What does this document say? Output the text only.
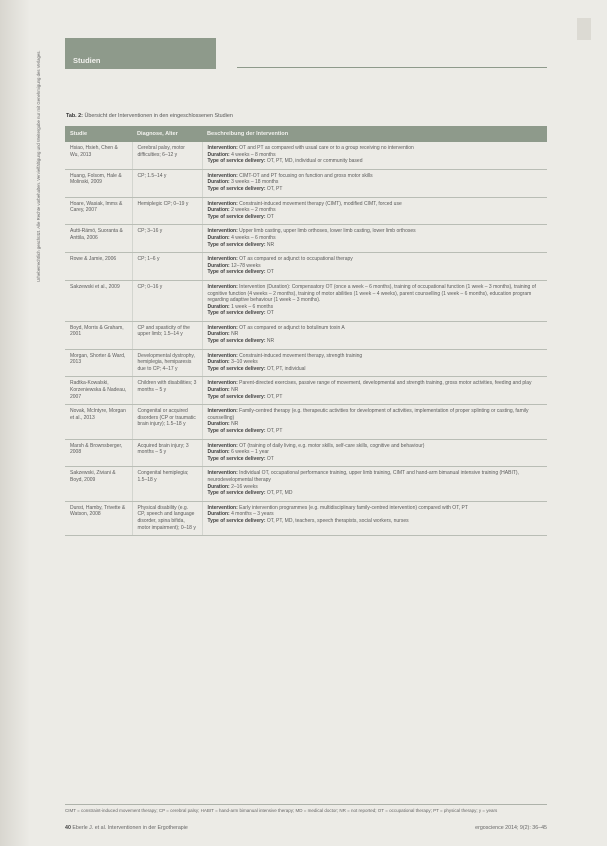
Studien
Urheberrechtlich geschützt. Alle Rechte vorbehalten. Vervielfältigung und Weitergabe nur mit Genehmigung des Verlages.	Tab. 2: Übersicht der Interventionen in den eingeschlossenen Studien
Studie	Diagnose, Alter	Beschreibung der Intervention
Hsiao, Hsieh, Chen & Wu, 2013	Cerebral palsy, motor difficulties; 6–12 y	Intervention: OT and PT as compared with usual care or to a group receiving no intervention
Duration: 4 weeks – 8 months
Type of service delivery: OT, PT, MD, individual or community based

Huang, Folsom, Hale & Molinski, 2009	CP; 1.5–14 y	Intervention: CIMT-OT and PT focusing on function and gross motor skills
Duration: 3 weeks – 18 months
Type of service delivery: OT, PT

Hoare, Wasiak, Imms & Carey, 2007	Hemiplegic CP; 0–19 y	Intervention: Constraint-induced movement therapy (CIMT), modified CIMT, forced use
Duration: 2 weeks – 2 months
Type of service delivery: OT

Autti-Rämö, Suoranta & Anttila, 2006	CP; 3–16 y	Intervention: Upper limb casting, upper limb orthoses, lower limb casting, lower limb orthoses
Duration: 4 weeks – 6 months
Type of service delivery: NR

Rowe & Jamie, 2006	CP; 1–6 y	Intervention: OT as compared or adjunct to occupational therapy
Duration: 12–78 weeks
Type of service delivery: OT

Sakzewski et al., 2009	CP; 0–16 y	Intervention: Intervention (Duration): Compensatory OT (once a week – 6 months), training of occupational function (1 week – 3 months), training of cognitive function (4 weeks – 2 months), training of motor abilities (1 week – 4 weeks), parent counselling (1 week – 6 months), education program regarding adaptive behaviour (1 week – 3 months).
Duration: 1 week – 6 months
Type of service delivery: OT

Boyd, Morris & Graham, 2001	CP and spasticity of the upper limb; 1.5–14 y	Intervention: OT as compared or adjunct to botulinum toxin A
Duration: NR
Type of service delivery: NR

Morgan, Shorter & Ward, 2013	Developmental dystrophy, hemiplegia, hemiparesis due to CP; 4–17 y	Intervention: Constraint-induced movement therapy, strength training
Duration: 3–10 weeks
Type of service delivery: OT, PT, individual

Radtka-Kowalski, Korzeniewska & Nadeau, 2007	Children with disabilities; 3 months – 5 y	Intervention: Parent-directed exercises, passive range of movement, developmental and strength training, gross motor activities, feeding and play
Duration: NR
Type of service delivery: OT, PT

Novak, McIntyre, Morgan et al., 2013	Congenital or acquired disorders (CP or traumatic brain injury); 1.5–18 y	Intervention: Family-centred therapy (e.g. therapeutic activities for development of activities, implementation of proper splinting or casting, family counselling)
Duration: NR
Type of service delivery: OT, PT

Marsh & Brownsberger, 2008	Acquired brain injury; 3 months – 5 y	Intervention: OT (training of daily living, e.g. motor skills, self-care skills, cognitive and behaviour)
Duration: 6 weeks – 1 year
Type of service delivery: OT

Sakzewski, Ziviani & Boyd, 2009	Congenital hemiplegia; 1.5–18 y	Intervention: Individual OT, occupational performance training, upper limb training, CIMT and hand-arm bimanual intensive training (HABIT), neurodevelopmental therapy
Duration: 2–16 weeks
Type of service delivery: OT, PT, MD

Dunst, Hamby, Trivette & Watson, 2008	Physical disability (e.g. CP, speech and language disorder, spina bifida, motor impairment); 0–18 y	Intervention: Early intervention programmes (e.g. multidisciplinary family-centred intervention) compared with OT, PT
Duration: 4 months – 3 years
Type of service delivery: OT, PT, MD, teachers, speech therapists, social workers, nurses
CIMT = constraint-induced movement therapy; CP = cerebral palsy; HABIT = hand-arm bimanual intensive therapy; MD = medical doctor; NR = not reported; OT = occupational therapy; PT = physical therapy; y = years
40 Eberle J. et al. Interventionen in der Ergotherapie	ergoscience 2014; 9(2): 36–45
